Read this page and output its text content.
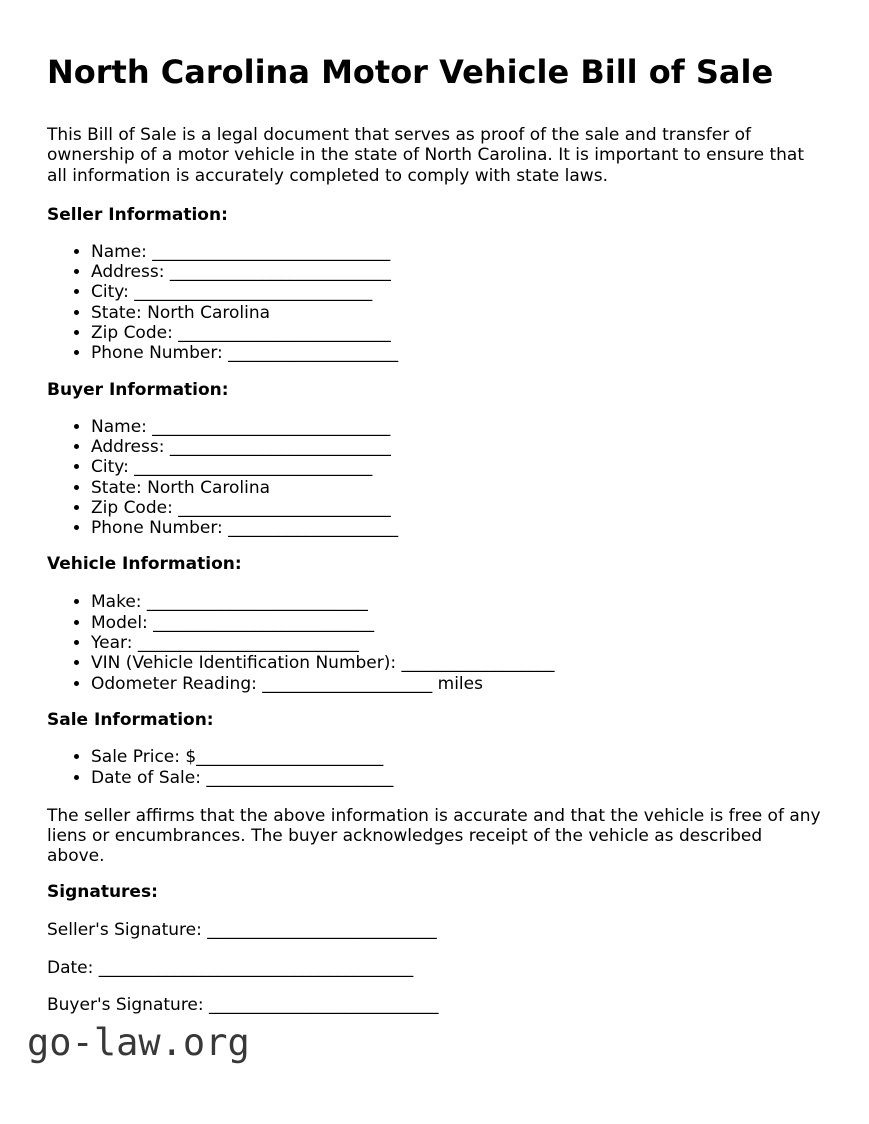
North Carolina Motor Vehicle Bill of Sale
This Bill of Sale is a legal document that serves as proof of the sale and transfer of
ownership of a motor vehicle in the state of North Carolina. It is important to ensure that
all information is accurately completed to comply with state laws.
Seller Information:
• Name: ____________________________
• Address: __________________________
• City: ____________________________
• State: North Carolina
• Zip Code: _________________________
• Phone Number: ____________________
Buyer Information:
• Name: ____________________________
• Address: __________________________
• City: ____________________________
• State: North Carolina
• Zip Code: _________________________
• Phone Number: ____________________
Vehicle Information:
• Make: __________________________
• Model: __________________________
• Year: __________________________
• VIN (Vehicle Identification Number): __________________
• Odometer Reading: ____________________ miles
Sale Information:
• Sale Price: $______________________
• Date of Sale: ______________________
The seller affirms that the above information is accurate and that the vehicle is free of any
liens or encumbrances. The buyer acknowledges receipt of the vehicle as described
above.
Signatures:
Seller's Signature: ___________________________
Date: _____________________________________
Buyer's Signature: ___________________________
go-law.org
